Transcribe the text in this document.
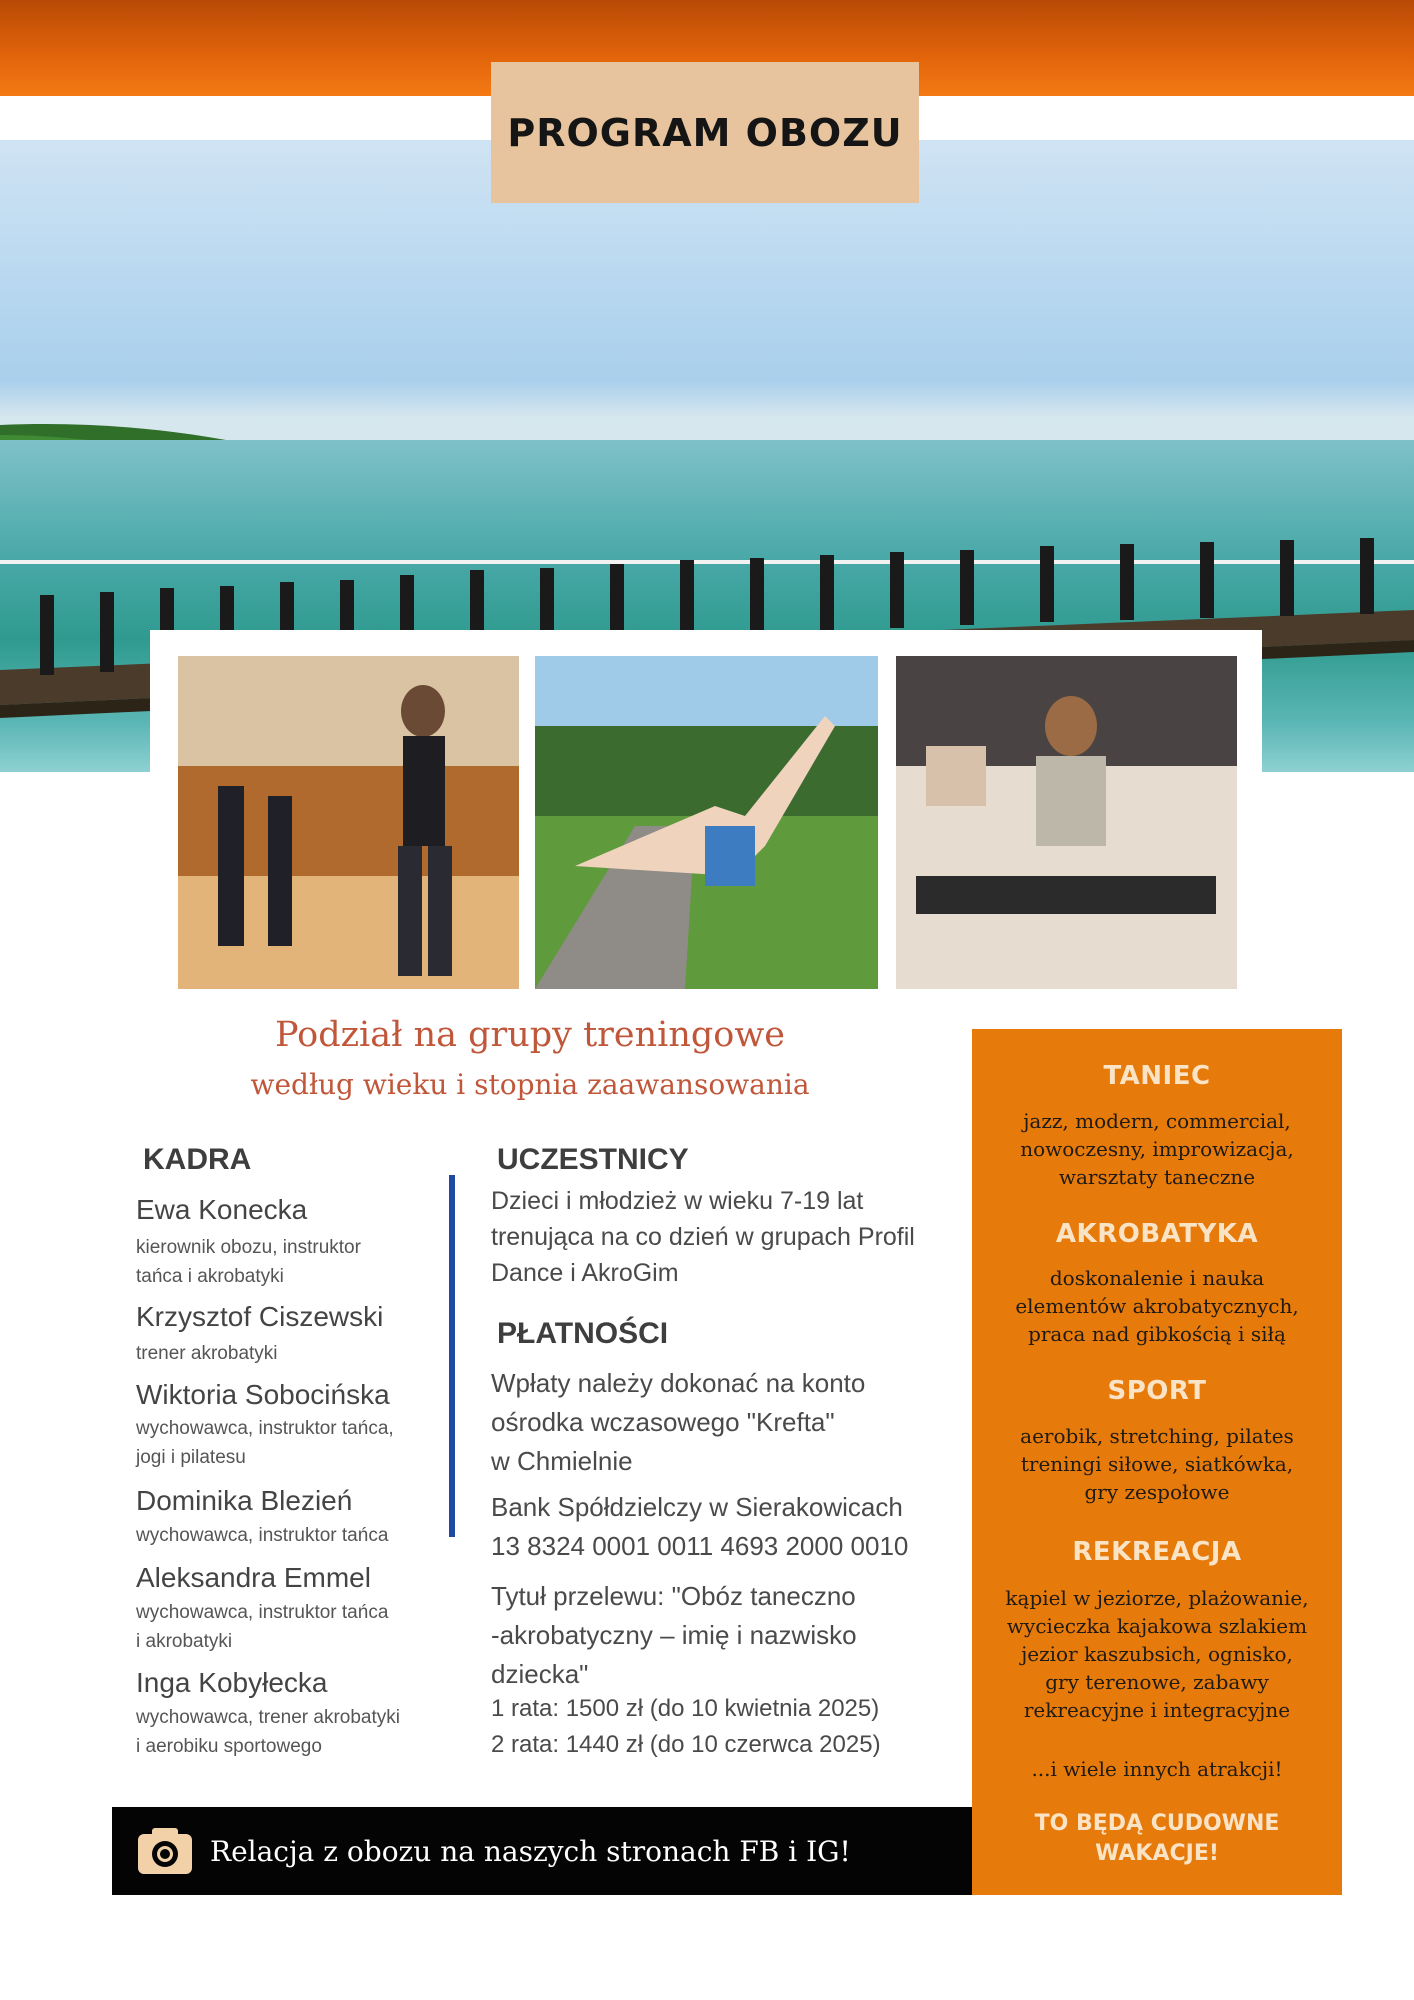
PROGRAM OBOZU
Podział na grupy treningowe
według wieku i stopnia zaawansowania
KADRA
Ewa Konecka
kierownik obozu, instruktor
tańca i akrobatyki
Krzysztof Ciszewski
trener akrobatyki
Wiktoria Sobocińska
wychowawca, instruktor tańca,
jogi i pilatesu
Dominika Blezień
wychowawca, instruktor tańca
Aleksandra Emmel
wychowawca, instruktor tańca
i akrobatyki
Inga Kobyłecka
wychowawca, trener akrobatyki
i aerobiku sportowego
UCZESTNICY
Dzieci i młodzież w wieku 7-19 lat
trenująca na co dzień w grupach Profil
Dance i AkroGim
PŁATNOŚCI
Wpłaty należy dokonać na konto
ośrodka wczasowego "Krefta"
w Chmielnie
Bank Spółdzielczy w Sierakowicach
13 8324 0001 0011 4693 2000 0010
Tytuł przelewu: "Obóz taneczno
-akrobatyczny – imię i nazwisko
dziecka"
1 rata: 1500 zł (do 10 kwietnia 2025)
2 rata: 1440 zł (do 10 czerwca 2025)
Relacja z obozu na naszych stronach FB i IG!
TANIEC
jazz, modern, commercial,
nowoczesny, improwizacja,
warsztaty taneczne
AKROBATYKA
doskonalenie i nauka
elementów akrobatycznych,
praca nad gibkością i siłą
SPORT
aerobik, stretching, pilates
treningi siłowe, siatkówka,
gry zespołowe
REKREACJA
kąpiel w jeziorze, plażowanie,
wycieczka kajakowa szlakiem
jezior kaszubsich, ognisko,
gry terenowe, zabawy
rekreacyjne i integracyjne
...i wiele innych atrakcji!
TO BĘDĄ CUDOWNE
WAKACJE!
